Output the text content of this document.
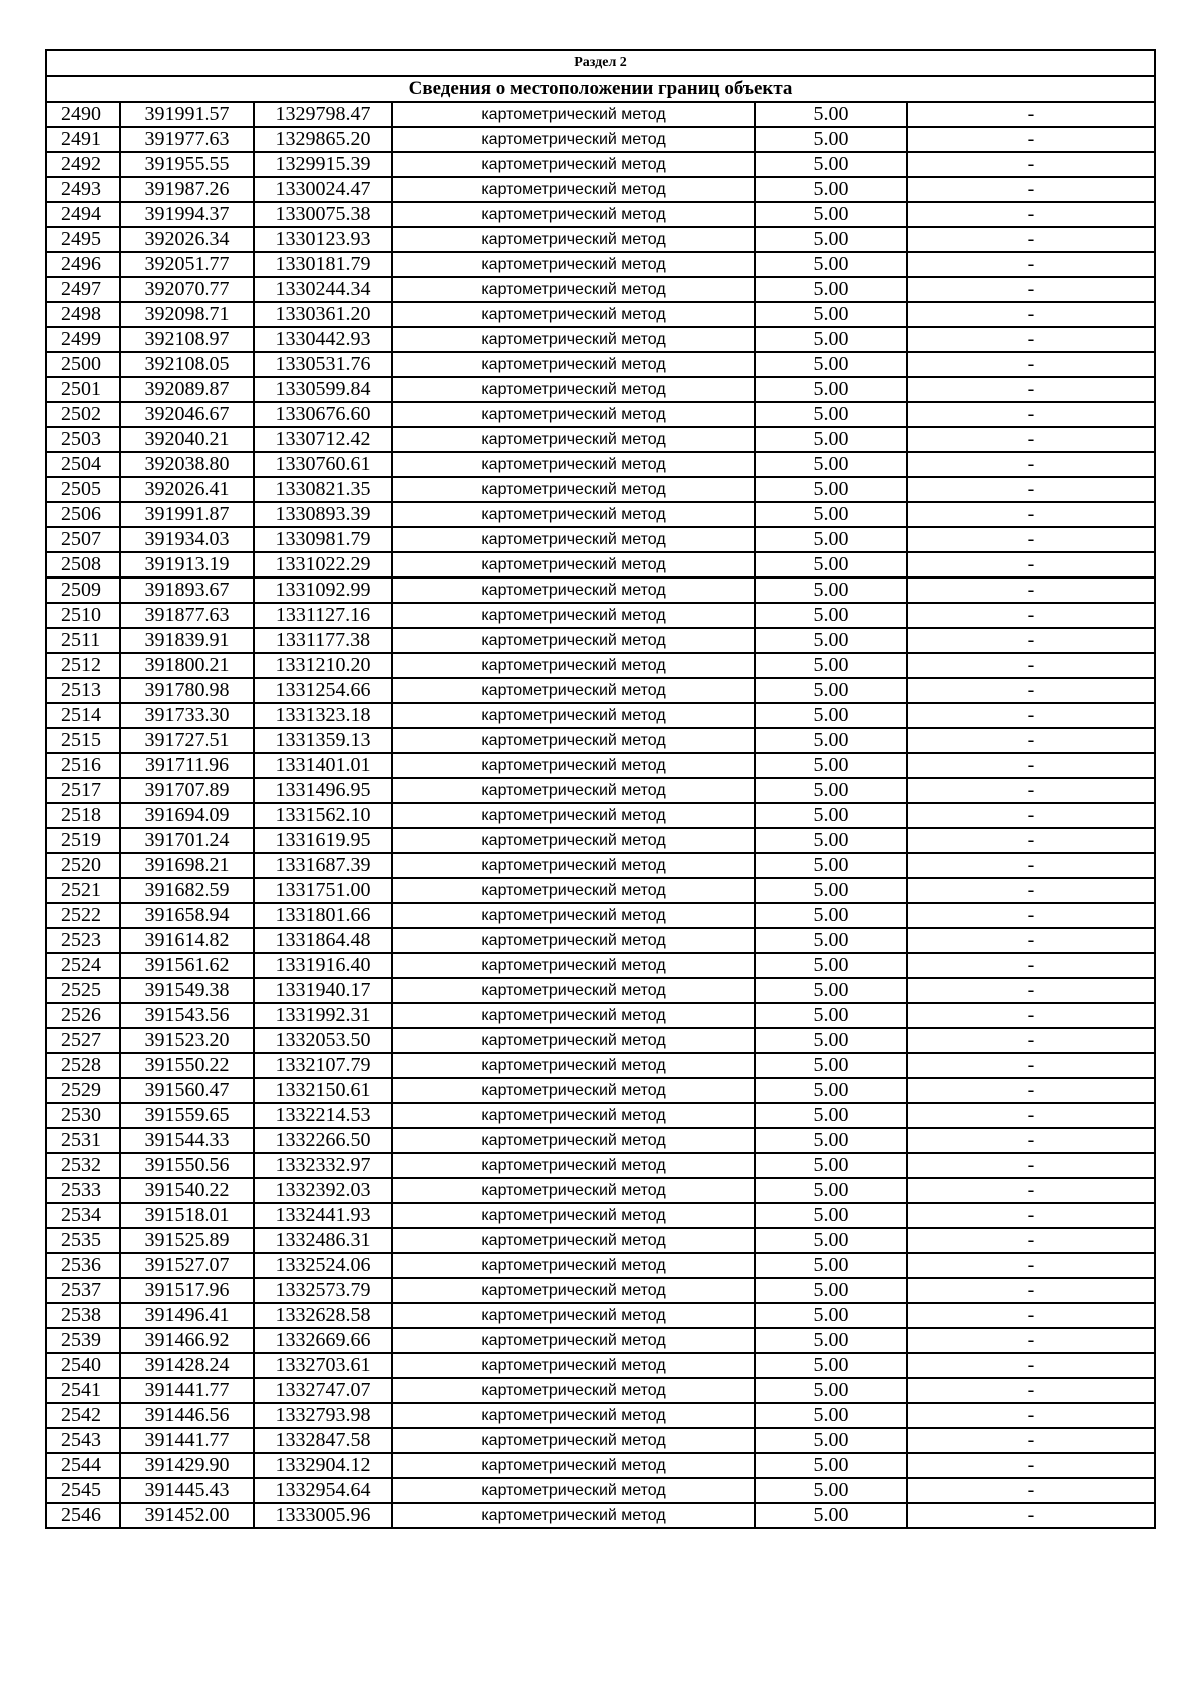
Раздел 2					
Сведения о местоположении границ объекта					
2490	391991.57	1329798.47	картометрический метод	5.00	-
2491	391977.63	1329865.20	картометрический метод	5.00	-
2492	391955.55	1329915.39	картометрический метод	5.00	-
2493	391987.26	1330024.47	картометрический метод	5.00	-
2494	391994.37	1330075.38	картометрический метод	5.00	-
2495	392026.34	1330123.93	картометрический метод	5.00	-
2496	392051.77	1330181.79	картометрический метод	5.00	-
2497	392070.77	1330244.34	картометрический метод	5.00	-
2498	392098.71	1330361.20	картометрический метод	5.00	-
2499	392108.97	1330442.93	картометрический метод	5.00	-
2500	392108.05	1330531.76	картометрический метод	5.00	-
2501	392089.87	1330599.84	картометрический метод	5.00	-
2502	392046.67	1330676.60	картометрический метод	5.00	-
2503	392040.21	1330712.42	картометрический метод	5.00	-
2504	392038.80	1330760.61	картометрический метод	5.00	-
2505	392026.41	1330821.35	картометрический метод	5.00	-
2506	391991.87	1330893.39	картометрический метод	5.00	-
2507	391934.03	1330981.79	картометрический метод	5.00	-
2508	391913.19	1331022.29	картометрический метод	5.00	-
2509	391893.67	1331092.99	картометрический метод	5.00	-
2510	391877.63	1331127.16	картометрический метод	5.00	-
2511	391839.91	1331177.38	картометрический метод	5.00	-
2512	391800.21	1331210.20	картометрический метод	5.00	-
2513	391780.98	1331254.66	картометрический метод	5.00	-
2514	391733.30	1331323.18	картометрический метод	5.00	-
2515	391727.51	1331359.13	картометрический метод	5.00	-
2516	391711.96	1331401.01	картометрический метод	5.00	-
2517	391707.89	1331496.95	картометрический метод	5.00	-
2518	391694.09	1331562.10	картометрический метод	5.00	-
2519	391701.24	1331619.95	картометрический метод	5.00	-
2520	391698.21	1331687.39	картометрический метод	5.00	-
2521	391682.59	1331751.00	картометрический метод	5.00	-
2522	391658.94	1331801.66	картометрический метод	5.00	-
2523	391614.82	1331864.48	картометрический метод	5.00	-
2524	391561.62	1331916.40	картометрический метод	5.00	-
2525	391549.38	1331940.17	картометрический метод	5.00	-
2526	391543.56	1331992.31	картометрический метод	5.00	-
2527	391523.20	1332053.50	картометрический метод	5.00	-
2528	391550.22	1332107.79	картометрический метод	5.00	-
2529	391560.47	1332150.61	картометрический метод	5.00	-
2530	391559.65	1332214.53	картометрический метод	5.00	-
2531	391544.33	1332266.50	картометрический метод	5.00	-
2532	391550.56	1332332.97	картометрический метод	5.00	-
2533	391540.22	1332392.03	картометрический метод	5.00	-
2534	391518.01	1332441.93	картометрический метод	5.00	-
2535	391525.89	1332486.31	картометрический метод	5.00	-
2536	391527.07	1332524.06	картометрический метод	5.00	-
2537	391517.96	1332573.79	картометрический метод	5.00	-
2538	391496.41	1332628.58	картометрический метод	5.00	-
2539	391466.92	1332669.66	картометрический метод	5.00	-
2540	391428.24	1332703.61	картометрический метод	5.00	-
2541	391441.77	1332747.07	картометрический метод	5.00	-
2542	391446.56	1332793.98	картометрический метод	5.00	-
2543	391441.77	1332847.58	картометрический метод	5.00	-
2544	391429.90	1332904.12	картометрический метод	5.00	-
2545	391445.43	1332954.64	картометрический метод	5.00	-
2546	391452.00	1333005.96	картометрический метод	5.00	-
